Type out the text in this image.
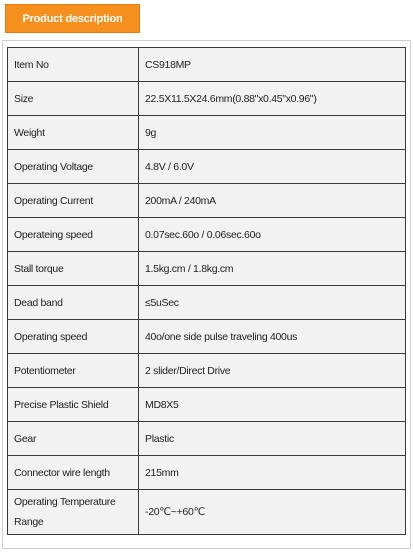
Product description
Item No	CS918MP
Size	22.5X11.5X24.6mm(0.88"x0.45"x0.96")
Weight	9g
Operating Voltage	4.8V / 6.0V
Operating Current	200mA / 240mA
Operateing speed	0.07sec.60o / 0.06sec.60o
Stall torque	1.5kg.cm / 1.8kg.cm
Dead band	≤5uSec
Operating speed	40o/one side pulse traveling 400us
Potentiometer	2 slider/Direct Drive
Precise Plastic Shield	MD8X5
Gear	Plastic
Connector wire length	215mm
Operating Temperature Range	-20℃~+60℃
